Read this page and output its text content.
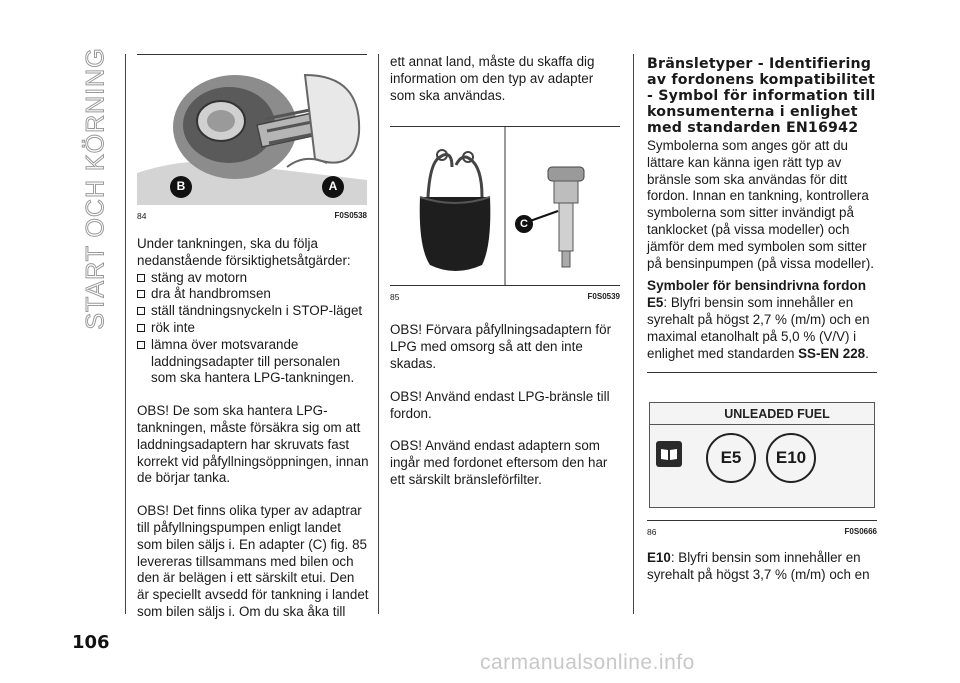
START OCH KÖRNING	B	A
84	F0S0538

Under tankningen, ska du följa nedanstående försiktighetsåtgärder:

stäng av motorn
dra åt handbromsen
ställ tändningsnyckeln i STOP-läget
rök inte
lämna över motsvarande laddningsadapter till personalen som ska hantera LPG-tankningen.

OBS! De som ska hantera LPG-tankningen, måste försäkra sig om att laddningsadaptern har skruvats fast korrekt vid påfyllningsöppningen, innan de börjar tanka.

OBS! Det finns olika typer av adaptrar till påfyllningspumpen enligt landet som bilen säljs i. En adapter (C) fig. 85 levereras tillsammans med bilen och den är belägen i ett särskilt etui. Den är speciellt avsedd för tankning i landet som bilen säljs i. Om du ska åka till

ett annat land, måste du skaffa dig information om den typ av adapter som ska användas.

C
85	F0S0539

OBS! Förvara påfyllningsadaptern för LPG med omsorg så att den inte skadas.

OBS! Använd endast LPG-bränsle till fordon.

OBS! Använd endast adaptern som ingår med fordonet eftersom den har ett särskilt bränsleförfilter.

Bränsletyper - Identifiering av fordonens kompatibilitet - Symbol för information till konsumenterna i enlighet med standarden EN16942

Symbolerna som anges gör att du lättare kan känna igen rätt typ av bränsle som ska användas för ditt fordon. Innan en tankning, kontrollera symbolerna som sitter invändigt på tanklocket (på vissa modeller) och jämför dem med symbolen som sitter på bensinpumpen (på vissa modeller).

Symboler för bensindrivna fordon

E5: Blyfri bensin som innehåller en syrehalt på högst 2,7 % (m/m) och en maximal etanolhalt på 5,0 % (V/V) i enlighet med standarden SS-EN 228.

UNLEADED FUEL
E5	E10
86	F0S0666

E10: Blyfri bensin som innehåller en syrehalt på högst 3,7 % (m/m) och en

106
carmanualsonline.info
